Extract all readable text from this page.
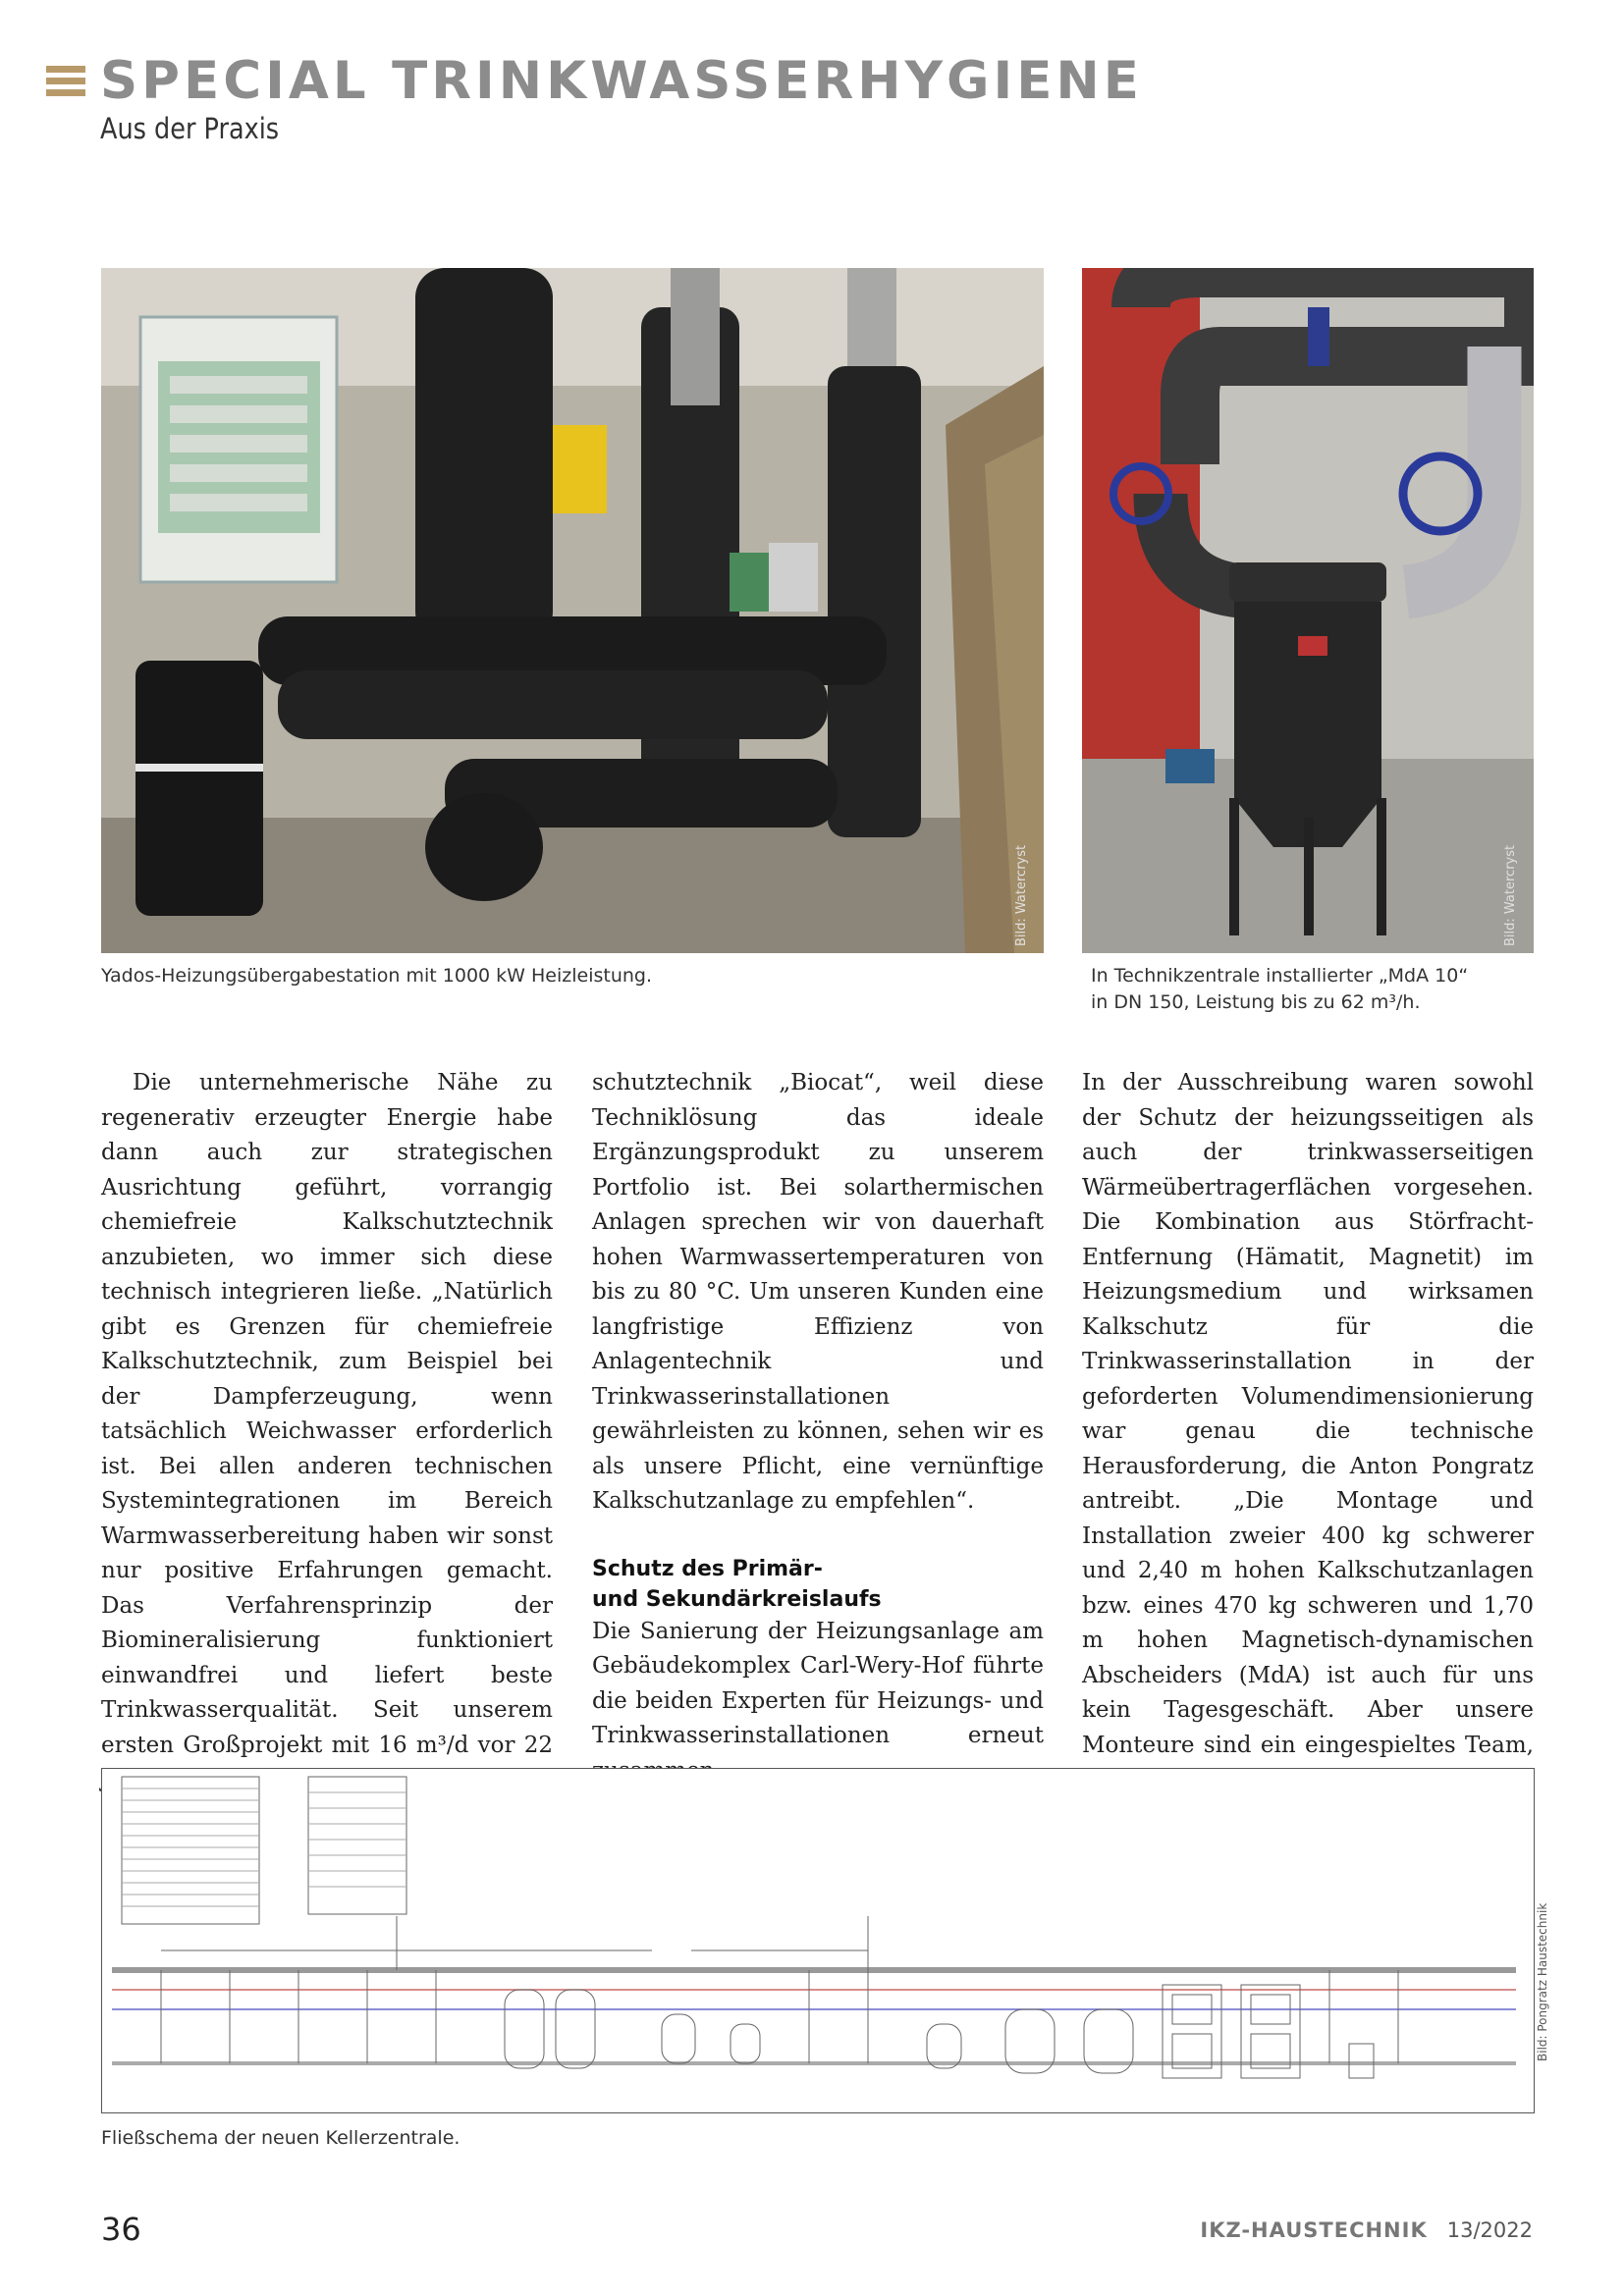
SPECIAL TRINKWASSERHYGIENE
Aus der Praxis
Bild: Watercryst
Yados-Heizungsübergabestation mit 1000 kW Heizleistung.
Bild: Watercryst
In Technikzentrale installierter „MdA 10“
in DN 150, Leistung bis zu 62 m³/h.

Die unternehmerische Nähe zu regenerativ erzeugter Energie habe dann auch zur strategischen Ausrichtung geführt, vorrangig chemiefreie Kalkschutztechnik anzubieten, wo immer sich diese technisch integrieren ließe. „Natürlich gibt es Grenzen für chemiefreie Kalkschutztechnik, zum Beispiel bei der Dampferzeugung, wenn tatsächlich Weichwasser erforderlich ist. Bei allen anderen technischen Systemintegrationen im Bereich Warmwasserbereitung haben wir sonst nur positive Erfahrungen gemacht. Das Verfahrensprinzip der Biomineralisierung funktioniert einwandfrei und liefert beste Trinkwasserqualität. Seit unserem ersten Großprojekt mit 16 m³/d vor 22

schutztechnik „Biocat“, weil diese Techniklösung das ideale Ergänzungsprodukt zu unserem Portfolio ist. Bei solarthermischen Anlagen sprechen wir von dauerhaft hohen Warmwassertemperaturen von bis zu 80 °C. Um unseren Kunden eine langfristige Effizienz von Anlagentechnik und Trinkwasserinstallationen gewährleisten zu können, sehen wir es als unsere Pflicht, eine vernünftige Kalkschutzanlage zu empfehlen“.

Schutz des Primär-
und Sekundärkreislaufs

Die Sanierung der Heizungsanlage am Gebäudekomplex Carl-Wery-Hof führte die beiden Experten für Heizungs- und Trinkwasserinstallationen erneut

In der Ausschreibung waren sowohl der Schutz der heizungsseitigen als auch der trinkwasserseitigen Wärmeübertragerflächen vorgesehen. Die Kombination aus Störfracht-Entfernung (Hämatit, Magnetit) im Heizungsmedium und wirksamen Kalkschutz für die Trinkwasserinstallation in der geforderten Volumendimensionierung war genau die technische Herausforderung, die Anton Pongratz antreibt. „Die Montage und Installation zweier 400 kg schwerer und 2,40 m hohen Kalkschutzanlagen bzw. eines 470 kg schweren und 1,70 m hohen Magnetisch-dynamischen Abscheiders (MdA) ist auch für uns kein Tagesgeschäft. Aber unsere Monteure sind ein eingespieltes Team,

Bild: Pongratz Haustechnik
Fließschema der neuen Kellerzentrale.
36	IKZ-HAUSTECHNIK 13/2022
